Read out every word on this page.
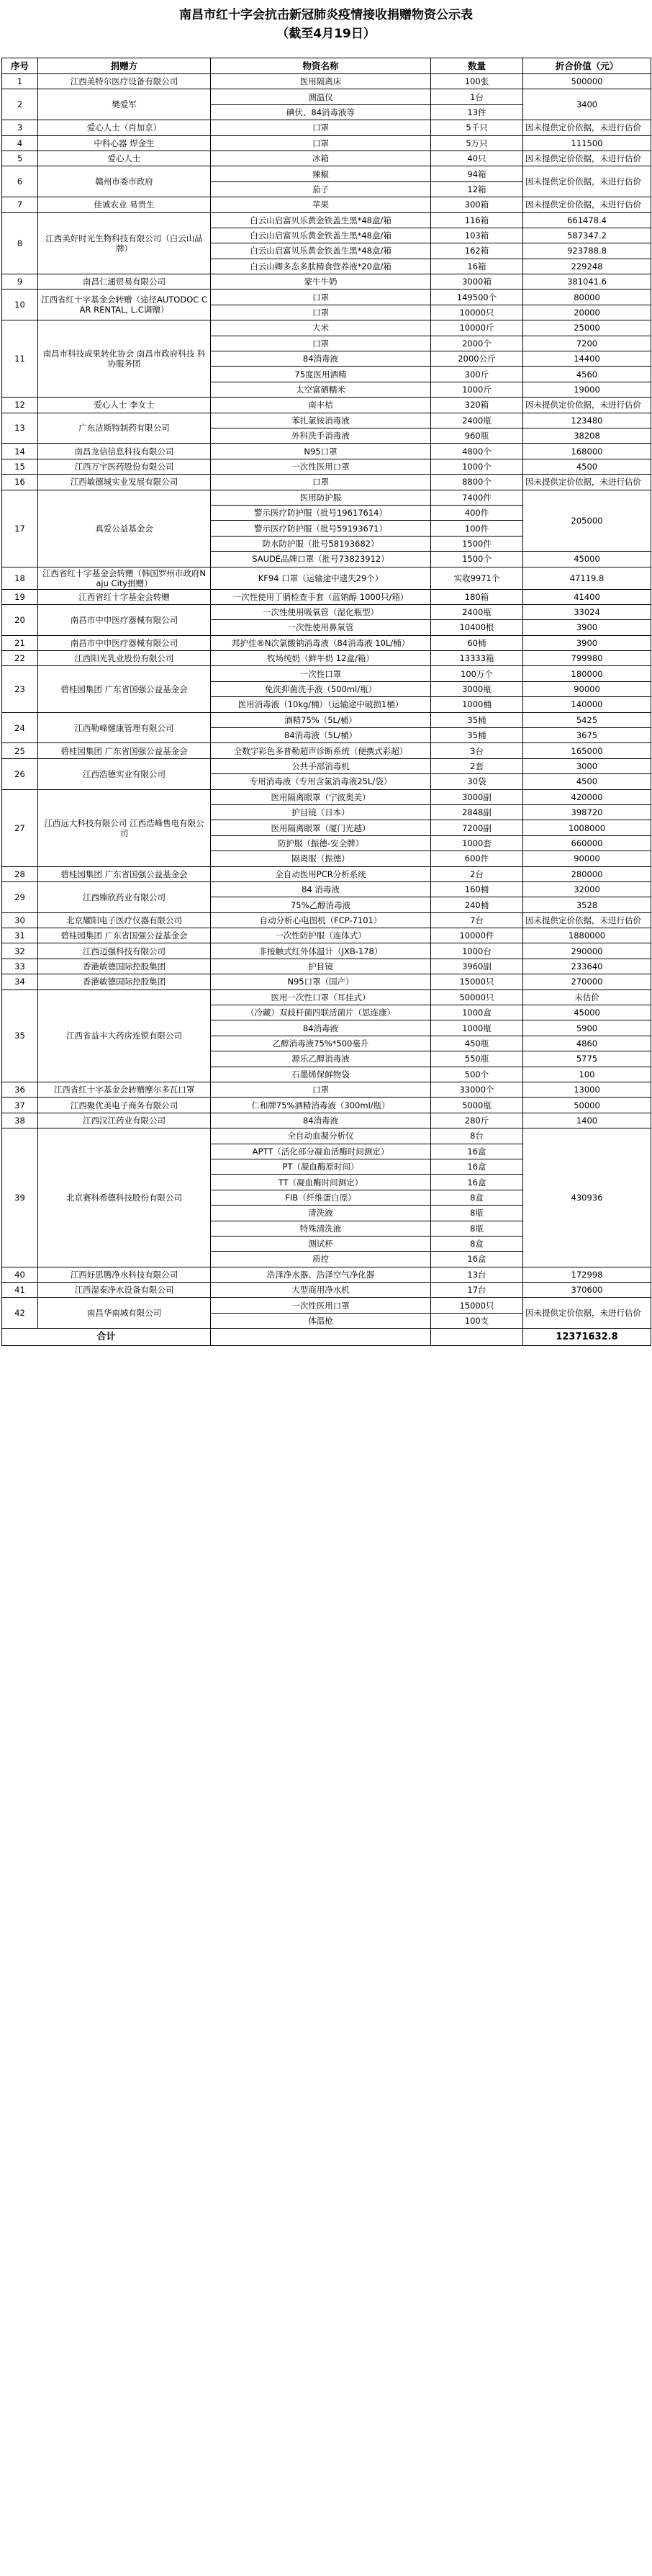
南昌市红十字会抗击新冠肺炎疫情接收捐赠物资公示表
（截至4月19日）
序号	捐赠方	物资名称	数量	折合价值（元）
1	江西美特尔医疗设备有限公司	医用隔离床	100张	500000
2	樊爱军	测温仪	1台	3400
		碘伏、84消毒液等	13件	
3	爱心人士（肖加京）	口罩	5千只	因未提供定价依据，未进行估价
4	中科心器 焊金生	口罩	5万只	111500
5	爱心人士	冰箱	40只	因未提供定价依据，未进行估价
6	赣州市委市政府	辣椒	94箱	因未提供定价依据，未进行估价
		茄子	12箱	
7	佳诚农业 易贵生	苹果	300箱	因未提供定价依据，未进行估价
8	江西美好时光生物科技有限公司（白云山品牌）	白云山启富贝乐黄金铁盖生黑*48盒/箱	116箱	661478.4
		白云山启富贝乐黄金铁盖生黑*48盒/箱	103箱	587347.2
		白云山启富贝乐黄金铁盖生黑*48盒/箱	162箱	923788.8
		白云山卿多态多肽精食营养液*20盒/箱	16箱	229248
9	南昌仁通贸易有限公司	蒙牛牛奶	3000箱	381041.6
10	江西省红十字基金会转赠（途径AUTODOC CAR RENTAL, L.C调赠）	口罩	149500个	80000
		口罩	10000只	20000
11	南昌市科技成果转化协会 南昌市政府科技 科协服务团	大米	10000斤	25000
		口罩	2000个	7200
		84消毒液	2000公斤	14400
		75度医用酒精	300斤	4560
		太空富硒糯米	1000斤	19000
12	爱心人士 李女士	南丰桔	320箱	因未提供定价依据，未进行估价
13	广东洁斯特制药有限公司	苯扎氯铵消毒液	2400瓶	123480
		外科洗手消毒液	960瓶	38208
14	南昌龙信信息科技有限公司	N95口罩	4800个	168000
15	江西万宇医药股份有限公司	一次性医用口罩	1000个	4500
16	江西敏德城实业发展有限公司	口罩	8800个	因未提供定价依据，未进行估价
17	真爱公益基金会	医用防护服	7400件	205000
		警示医疗防护服（批号19617614）	400件	
		警示医疗防护服（批号59193671）	100件	
		防水防护服（批号58193682）	1500件	
		SAUDE品牌口罩（批号73823912）	1500个	45000
18	江西省红十字基金会转赠（韩国罗州市政府Naju City捐赠）	KF94 口罩（运输途中遗失29个）	实收9971个	47119.8
19	江西省红十字基金会转赠	一次性使用丁腈检查手套（蓝钠醇 1000只/箱）	180箱	41400
20	南昌市中申医疗器械有限公司	一次性使用吸氧管（湿化瓶型）	2400瓶	33024
		一次性使用鼻氧管	10400根	3900
21	南昌市中申医疗器械有限公司	邦护佳®N次氯酸钠消毒液（84消毒液 10L/桶）	60桶	3900
22	江西阳光乳业股份有限公司	牧场纯奶（鲜牛奶 12盒/箱）	13333箱	799980
23	碧桂园集团 广东省国强公益基金会	一次性口罩	100万个	180000
		免洗抑菌洗手液（500ml/瓶）	3000瓶	90000
		医用消毒液（10kg/桶）（运输途中破损1桶）	1000桶	140000
24	江西勒峰健康管理有限公司	酒精75%（5L/桶）	35桶	5425
		84消毒液（5L/桶）	35桶	3675
25	碧桂园集团 广东省国强公益基金会	全数字彩色多普勒超声诊断系统（便携式彩超）	3台	165000
26	江西浩德实业有限公司	公共手部消毒机	2套	3000
		专用消毒液（专用含氯消毒液25L/袋）	30袋	4500
27	江西远大科技有限公司 江西浩峰售电有限公司	医用隔离眼罩（宁波奥美）	3000副	420000
		护目镜（日本）	2848副	398720
		医用隔离眼罩（厦门光越）	7200副	1008000
		防护服（振德-安全牌）	1000套	660000
		隔离服（振德）	600件	90000
28	碧桂园集团 广东省国强公益基金会	全自动医用PCR分析系统	2台	280000
29	江西臻欣药业有限公司	84 消毒液	160桶	32000
		75%乙醇消毒液	240桶	3528
30	北京耀阳电子医疗仪器有限公司	自动分析心电图机（FCP-7101）	7台	因未提供定价依据，未进行估价
31	碧桂园集团 广东省国强公益基金会	一次性防护服（连体式）	10000件	1880000
32	江西迈强科技有限公司	非接触式红外体温计（JXB-178）	1000台	290000
33	香港敏德国际控股集团	护目镜	3960副	233640
34	香港敏德国际控股集团	N95口罩（国产）	15000只	270000
35	江西省益丰大药房连锁有限公司	医用一次性口罩（耳挂式）	50000只	未估价
		（冷藏）双歧杆菌四联活菌片（思连康）	1000盒	45000
		84消毒液	1000瓶	5900
		乙醇消毒液75%*500毫升	450瓶	4860
		源乐乙醇消毒液	550瓶	5775
		石墨烯保鲜物袋	500个	100
36	江西省红十字基金会转赠摩尔多瓦口罩	口罩	33000个	13000
37	江西聚优美电子商务有限公司	仁和牌75%酒精消毒液（300ml/瓶）	5000瓶	50000
38	江西汉江药业有限公司	84消毒液	280斤	1400
39	北京赛科希德科技股份有限公司	全自动血凝分析仪	8台	430936
		APTT（活化部分凝血活酶时间测定）	16盒	
		PT（凝血酶原时间）	16盒	
		TT（凝血酶时间测定）	16盒	
		FIB（纤维蛋白原）	8盒	
		清洗液	8瓶	
		特殊清洗液	8瓶	
		测试杯	8盒	
		质控	16盒	
40	江西好思腾净水科技有限公司	浩泽净水器、浩泽空气净化器	13台	172998
41	江西湿泰净水设备有限公司	大型商用净水机	17台	370600
42	南昌华南城有限公司	一次性医用口罩	15000只	因未提供定价依据，未进行估价
		体温枪	100支	
合计				12371632.8
